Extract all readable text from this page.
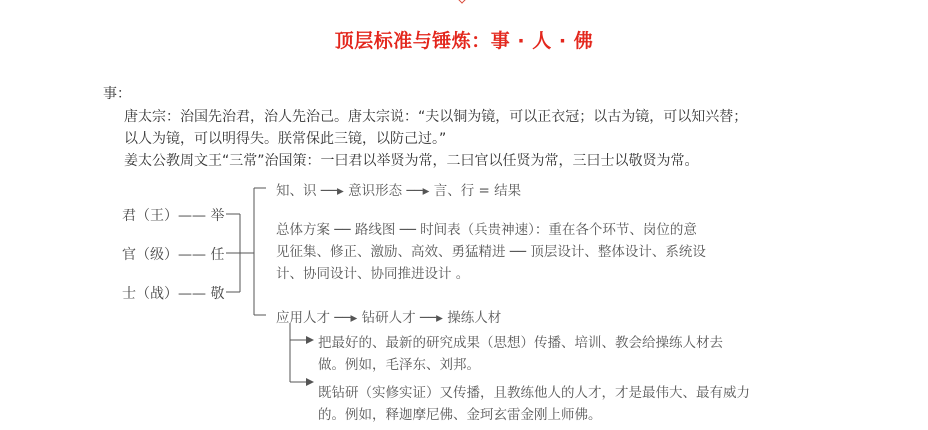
顶层标准与锤炼：事 · 人 · 佛
事：
唐太宗：治国先治君，治人先治己。唐太宗说：“夫以铜为镜，可以正衣冠；以古为镜，可以知兴替；
以人为镜，可以明得失。朕常保此三镜，以防己过。”
姜太公教周文王“三常”治国策：一曰君以举贤为常，二曰官以任贤为常，三曰士以敬贤为常。
君（王）—— 举
官（级）—— 任
士（战）—— 敬
知、识 ──▸ 意识形态 ──▸ 言、行 = 结果
总体方案 ── 路线图 ── 时间表（兵贵神速）：重在各个环节、岗位的意
见征集、修正、激励、高效、勇猛精进 ── 顶层设计、整体设计、系统设
计、协同设计、协同推进设计 。
应用人才 ──▸ 钻研人才 ──▸ 操练人材
把最好的、最新的研究成果（思想）传播、培训、教会给操练人材去
做。例如，毛泽东、刘邦。
既钻研（实修实证）又传播，且教练他人的人才，才是最伟大、最有威力
的。例如，释迦摩尼佛、金珂玄雷金刚上师佛。
